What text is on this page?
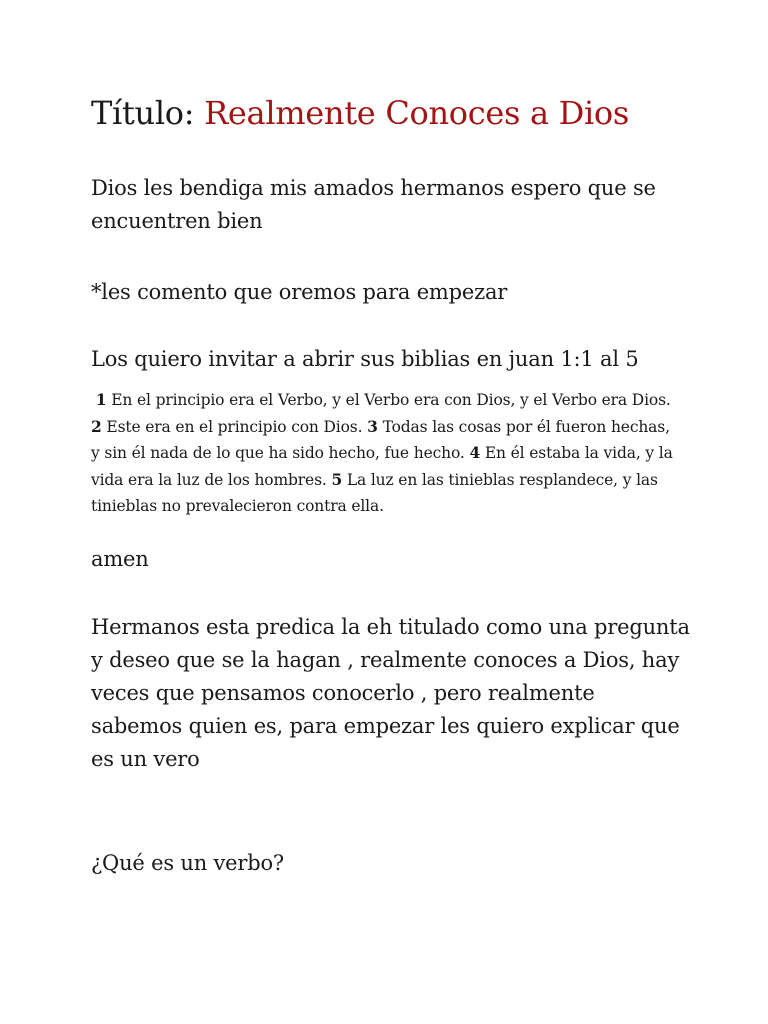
Título: Realmente Conoces a Dios

Dios les bendiga mis amados hermanos espero que se encuentren bien

*les comento que oremos para empezar

Los quiero invitar a abrir sus biblias en juan 1:1 al 5

1 En el principio era el Verbo, y el Verbo era con Dios, y el Verbo era Dios. 2 Este era en el principio con Dios. 3 Todas las cosas por él fueron hechas, y sin él nada de lo que ha sido hecho, fue hecho. 4 En él estaba la vida, y la vida era la luz de los hombres. 5 La luz en las tinieblas resplandece, y las tinieblas no prevalecieron contra ella.

amen

Hermanos esta predica la eh titulado como una pregunta y deseo que se la hagan , realmente conoces a Dios, hay veces que pensamos conocerlo , pero realmente sabemos quien es, para empezar les quiero explicar que es un vero

¿Qué es un verbo?
